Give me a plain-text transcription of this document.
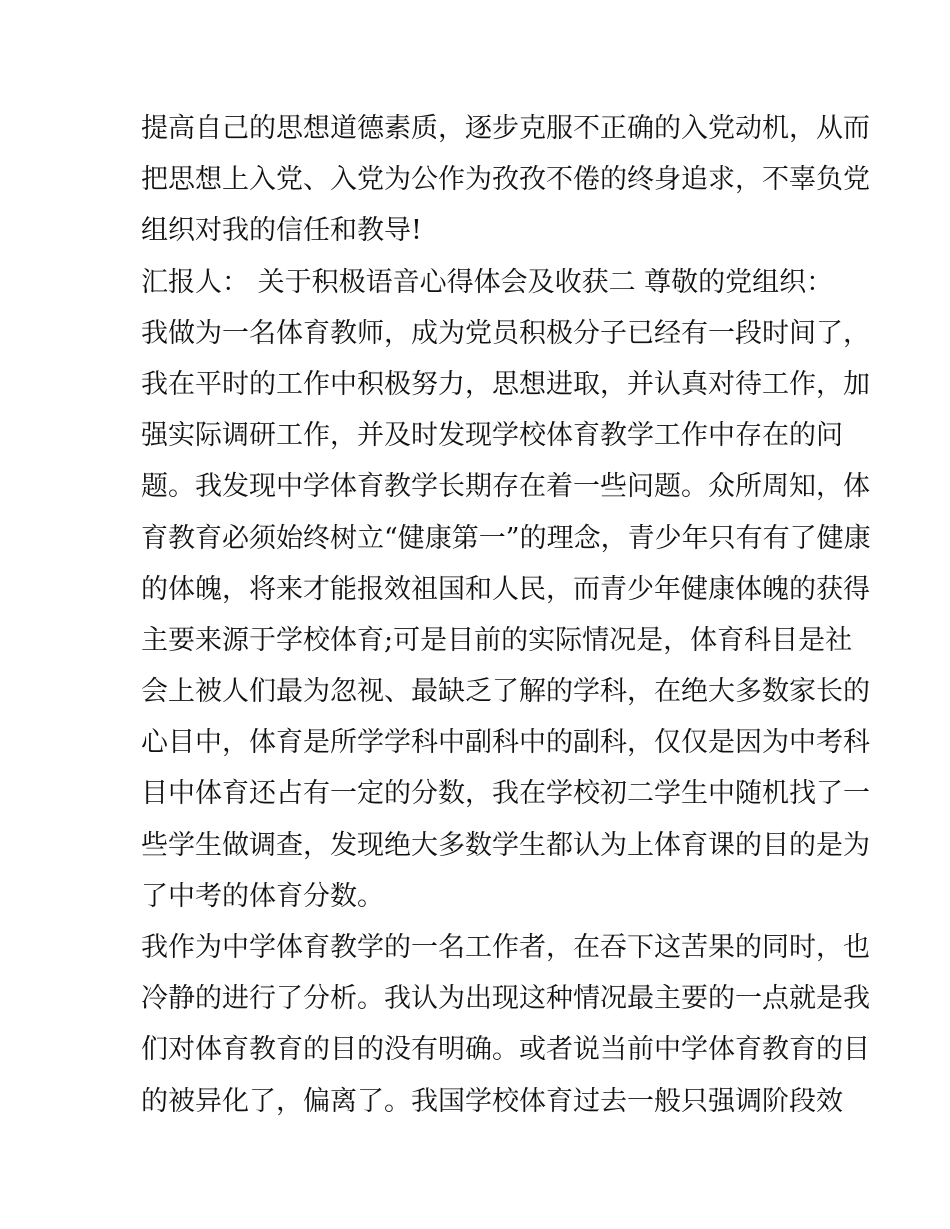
提高自己的思想道德素质，逐步克服不正确的入党动机，从而
把思想上入党、入党为公作为孜孜不倦的终身追求，不辜负党
组织对我的信任和教导!
汇报人： 关于积极语音心得体会及收获二 尊敬的党组织：
我做为一名体育教师，成为党员积极分子已经有一段时间了，
我在平时的工作中积极努力，思想进取，并认真对待工作，加
强实际调研工作，并及时发现学校体育教学工作中存在的问
题。我发现中学体育教学长期存在着一些问题。众所周知，体
育教育必须始终树立“健康第一”的理念，青少年只有有了健康
的体魄，将来才能报效祖国和人民，而青少年健康体魄的获得
主要来源于学校体育;可是目前的实际情况是，体育科目是社
会上被人们最为忽视、最缺乏了解的学科，在绝大多数家长的
心目中，体育是所学学科中副科中的副科，仅仅是因为中考科
目中体育还占有一定的分数，我在学校初二学生中随机找了一
些学生做调查，发现绝大多数学生都认为上体育课的目的是为
了中考的体育分数。
我作为中学体育教学的一名工作者，在吞下这苦果的同时，也
冷静的进行了分析。我认为出现这种情况最主要的一点就是我
们对体育教育的目的没有明确。或者说当前中学体育教育的目
的被异化了，偏离了。我国学校体育过去一般只强调阶段效
